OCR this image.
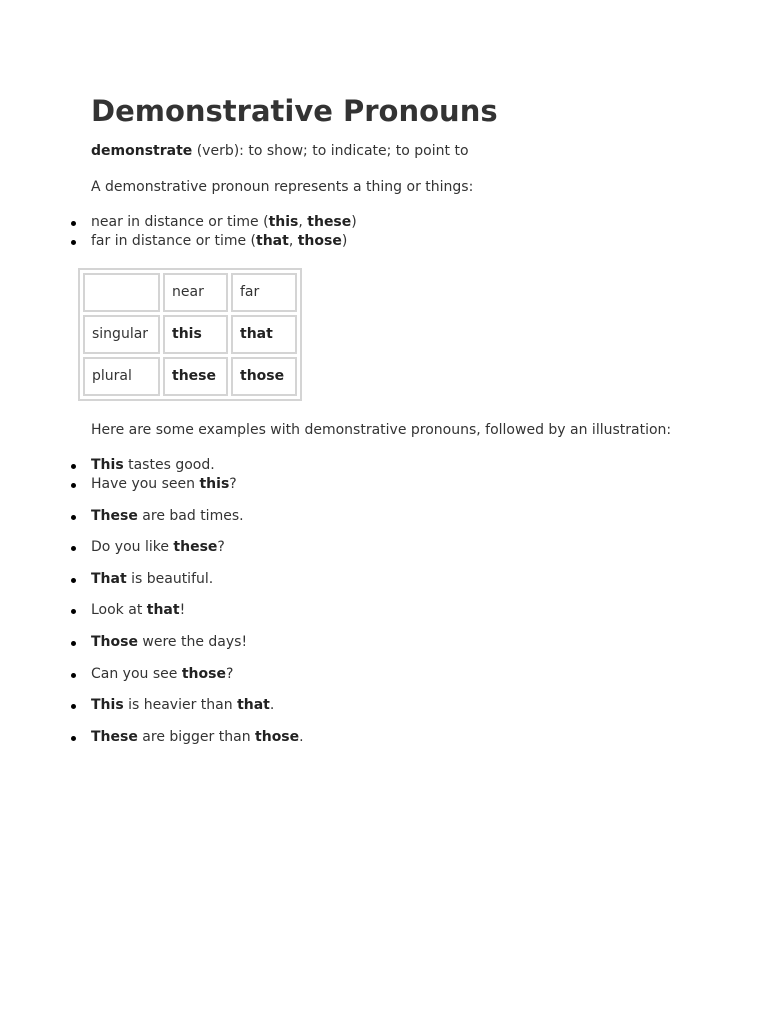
Demonstrative Pronouns

demonstrate (verb): to show; to indicate; to point to

A demonstrative pronoun represents a thing or things:

near in distance or time (this, these)
far in distance or time (that, those)
	near	far
singular	this	that
plural	these	those

Here are some examples with demonstrative pronouns, followed by an illustration:

This tastes good.
Have you seen this?
These are bad times.
Do you like these?
That is beautiful.
Look at that!
Those were the days!
Can you see those?
This is heavier than that.
These are bigger than those.
